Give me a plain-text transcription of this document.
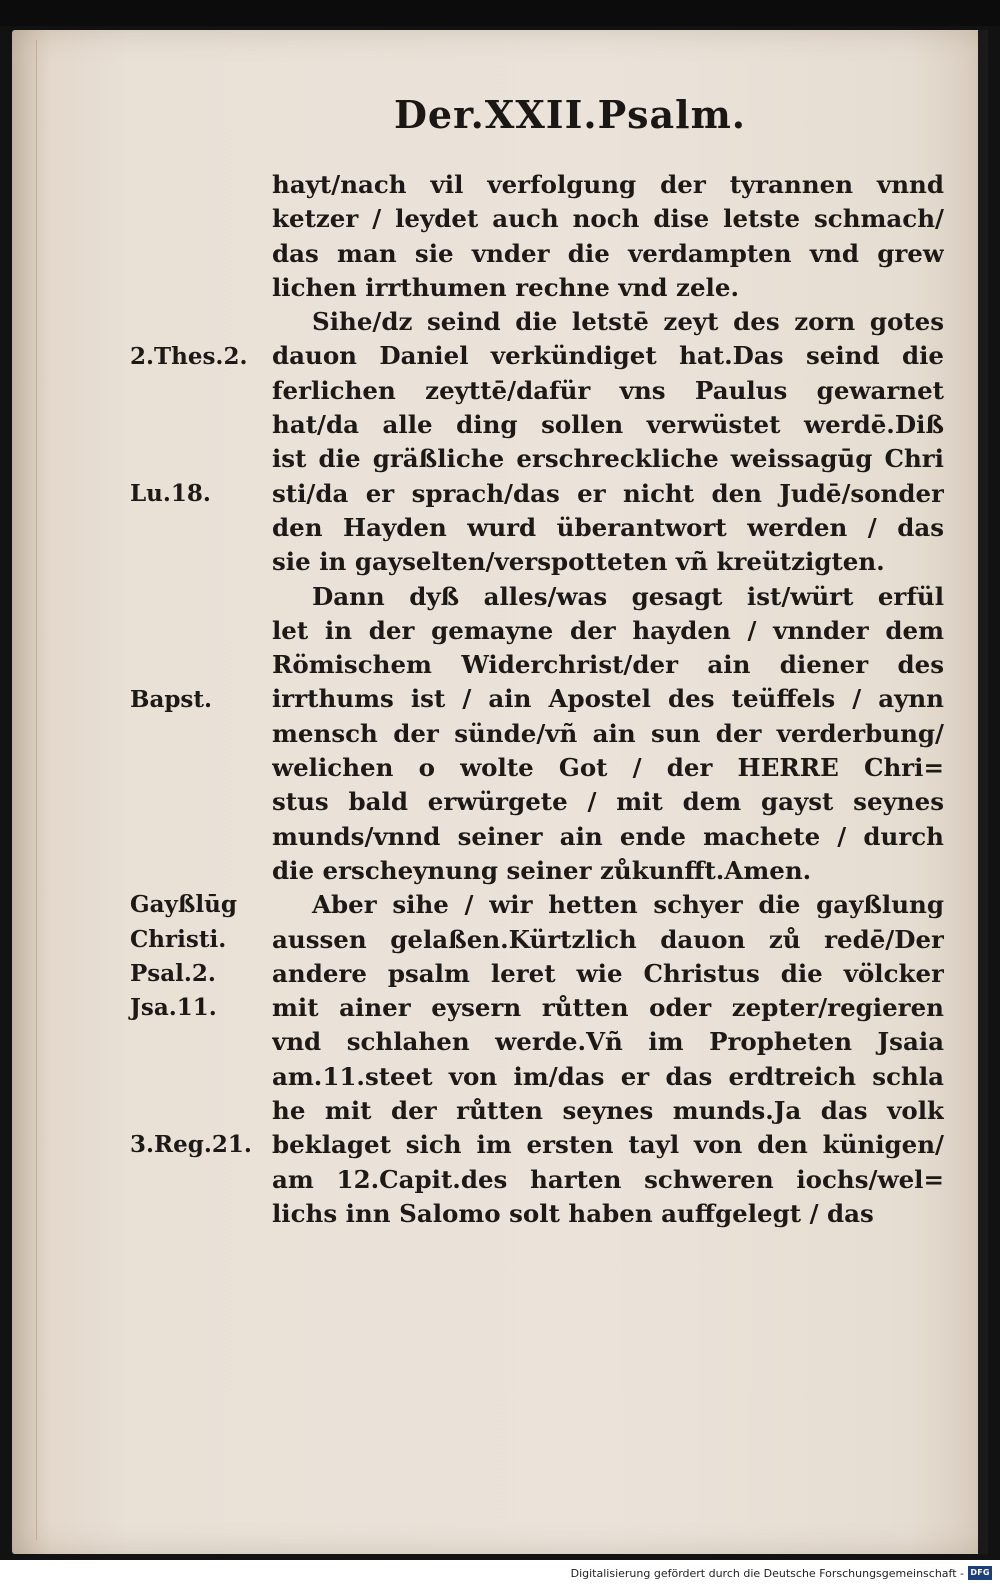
Der.XXII.Psalm.
2.Thes.2.
Lu.18.
Bapst.
Gayßlūg
Christi.
Psal.2.
Jsa.11.
3.Reg.21.
hayt/nach vil verfolgung der tyrannen vnnd
ketzer / leydet auch noch dise letste schmach/
das man sie vnder die verdampten vnd grew
lichen irrthumen rechne vnd zele.
Sihe/dz seind die letstē zeyt des zorn gotes
dauon Daniel verkündiget hat.Das seind die
ferlichen zeyttē/dafür vns Paulus gewarnet
hat/da alle ding sollen verwüstet werdē.Diß
ist die gräßliche erschreckliche weissagūg Chri
sti/da er sprach/das er nicht den Judē/sonder
den Hayden wurd überantwort werden / das
sie in gayselten/verspotteten vñ kreützigten.
Dann dyß alles/was gesagt ist/würt erfül
let in der gemayne der hayden / vnnder dem
Römischem Widerchrist/der ain diener des
irrthums ist / ain Apostel des teüffels / aynn
mensch der sünde/vñ ain sun der verderbung/
welichen o wolte Got / der HERRE Chri=
stus bald erwürgete / mit dem gayst seynes
munds/vnnd seiner ain ende machete / durch
die erscheynung seiner zůkunfft.Amen.
Aber sihe / wir hetten schyer die gayßlung
aussen gelaßen.Kürtzlich dauon zů redē/Der
andere psalm leret wie Christus die völcker
mit ainer eysern růtten oder zepter/regieren
vnd schlahen werde.Vñ im Propheten Jsaia
am.11.steet von im/das er das erdtreich schla
he mit der růtten seynes munds.Ja das volk
beklaget sich im ersten tayl von den künigen/
am 12.Capit.des harten schweren iochs/wel=
lichs inn Salomo solt haben auffgelegt / das
Digitalisierung gefördert durch die Deutsche Forschungsgemeinschaft - DFG
